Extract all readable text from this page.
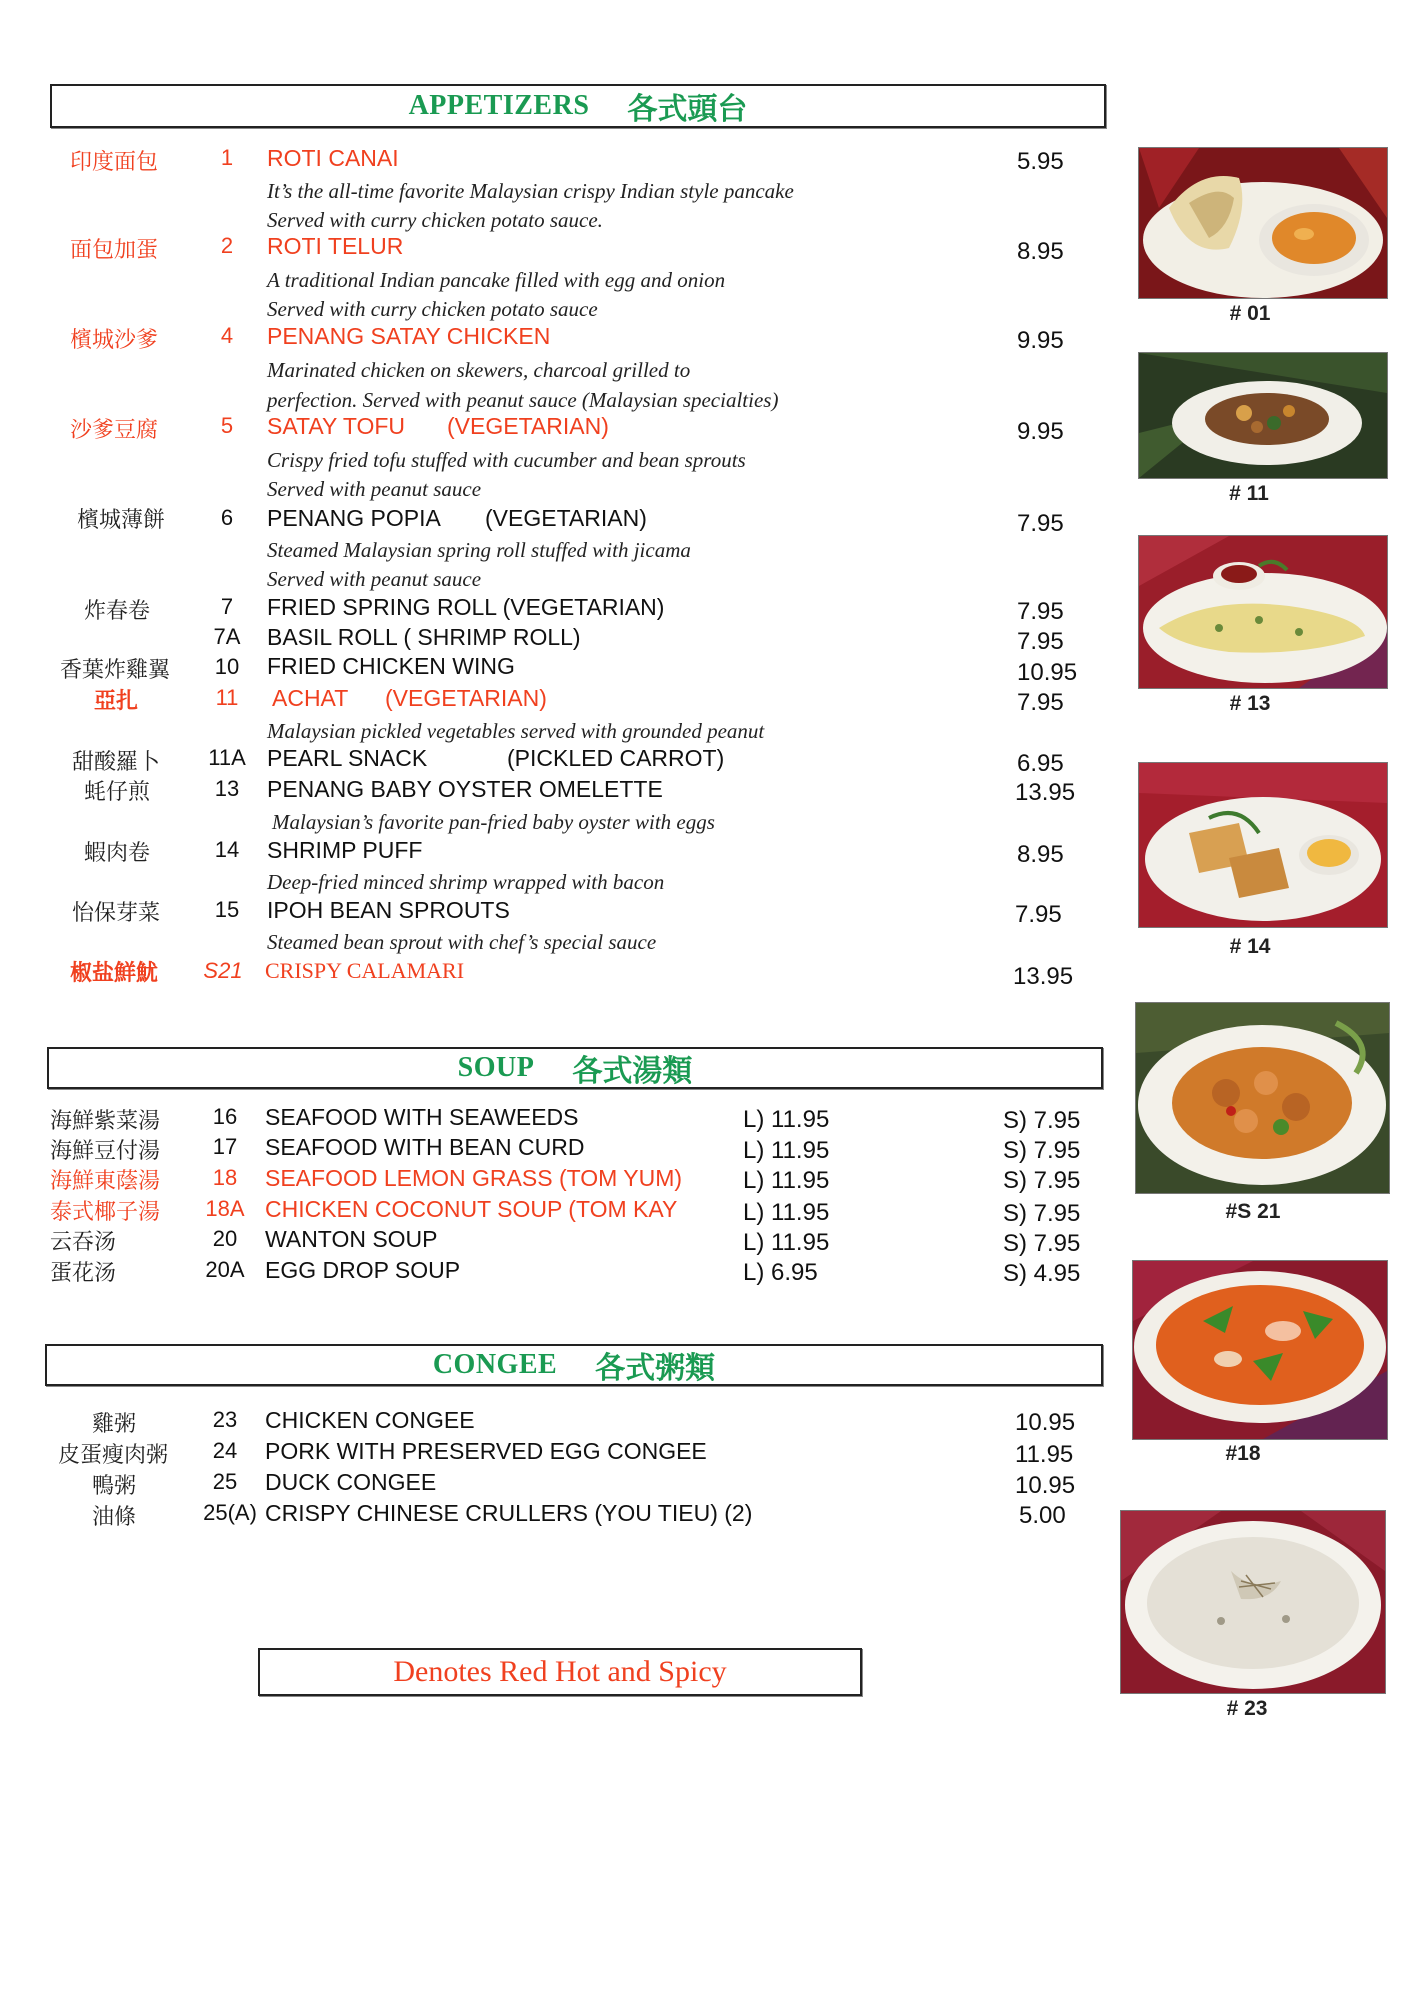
APPETIZERS 各式頭台
印度面包	1	ROTI CANAI	5.95
It’s the all-time favorite Malaysian crispy Indian style pancake
Served with curry chicken potato sauce.
面包加蛋	2	ROTI TELUR	8.95
A traditional Indian pancake filled with egg and onion
Served with curry chicken potato sauce
檳城沙爹	4	PENANG SATAY CHICKEN	9.95
Marinated chicken on skewers, charcoal grilled to
perfection. Served with peanut sauce (Malaysian specialties)
沙爹豆腐	5	SATAY TOFU (VEGETARIAN)	9.95
Crispy fried tofu stuffed with cucumber and bean sprouts
Served with peanut sauce
檳城薄餅	6	PENANG POPIA (VEGETARIAN)	7.95
Steamed Malaysian spring roll stuffed with jicama
Served with peanut sauce
炸春卷	7	FRIED SPRING ROLL (VEGETARIAN)	7.95
7A	BASIL ROLL ( SHRIMP ROLL)	7.95
香葉炸雞翼	10	FRIED CHICKEN WING	10.95
亞扎	11	ACHAT (VEGETARIAN)	7.95
Malaysian pickled vegetables served with grounded peanut
甜酸羅卜	11A PEARL SNACK	(PICKLED CARROT)	6.95
蚝仔煎	13	PENANG BABY OYSTER OMELETTE	13.95
Malaysian’s favorite pan-fried baby oyster with eggs
蝦肉卷	14	SHRIMP PUFF	8.95
Deep-fried minced shrimp wrapped with bacon
怡保芽菜	15	IPOH BEAN SPROUTS	7.95
Steamed bean sprout with chef’s special sauce
椒盐鮮魷	S21	CRISPY CALAMARI	13.95
SOUP 各式湯類
海鮮紫菜湯	16	SEAFOOD WITH SEAWEEDS	L) 11.95	S) 7.95
海鮮豆付湯	17	SEAFOOD WITH BEAN CURD	L) 11.95	S) 7.95
海鮮東蔭湯	18	SEAFOOD LEMON GRASS (TOM YUM)	L) 11.95	S) 7.95
泰式椰子湯	18A CHICKEN COCONUT SOUP (TOM KAY	L) 11.95	S) 7.95
云吞汤	20	WANTON SOUP	L) 11.95	S) 7.95
蛋花汤	20A EGG DROP SOUP	L) 6.95	S) 4.95
CONGEE 各式粥類
雞粥	23	CHICKEN CONGEE	10.95
皮蛋瘦肉粥	24	PORK WITH PRESERVED EGG CONGEE	11.95
鴨粥	25	DUCK CONGEE	10.95
油條	25(A) CRISPY CHINESE CRULLERS (YOU TIEU) (2)	5.00
Denotes Red Hot and Spicy
# 01
# 11
# 13
# 14
#S 21
#18
# 23
